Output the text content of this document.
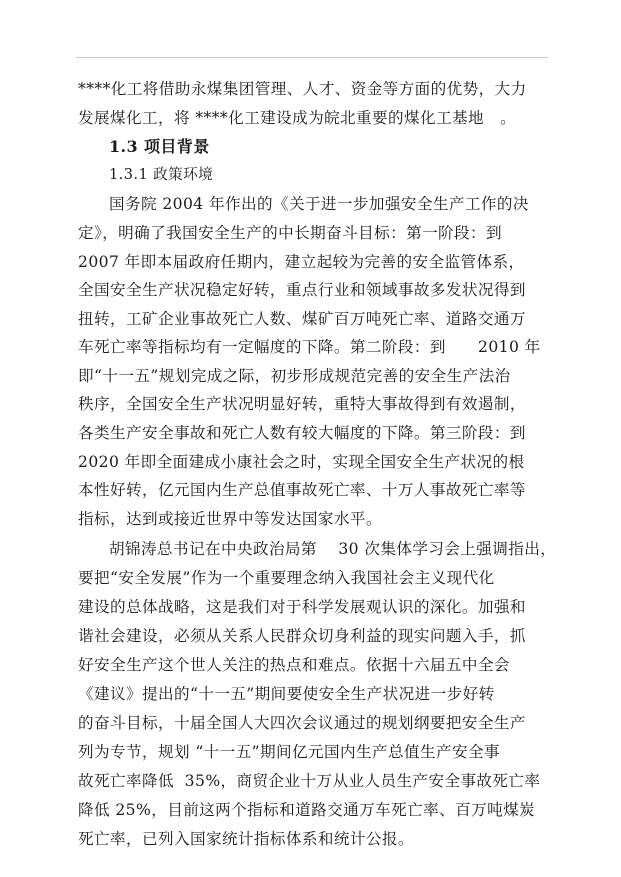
****化工将借助永煤集团管理、人才、资金等方面的优势，大力
发展煤化工，将 ****化工建设成为皖北重要的煤化工基地   。
1.3 项目背景
1.3.1 政策环境
国务院 2004 年作出的《关于进一步加强安全生产工作的决
定》，明确了我国安全生产的中长期奋斗目标：第一阶段：到
2007 年即本届政府任期内，建立起较为完善的安全监管体系，
全国安全生产状况稳定好转，重点行业和领域事故多发状况得到
扭转，工矿企业事故死亡人数、煤矿百万吨死亡率、道路交通万
车死亡率等指标均有一定幅度的下降。第二阶段：到      2010 年
即“十一五”规划完成之际，初步形成规范完善的安全生产法治
秩序，全国安全生产状况明显好转，重特大事故得到有效遏制，
各类生产安全事故和死亡人数有较大幅度的下降。第三阶段：到
2020 年即全面建成小康社会之时，实现全国安全生产状况的根
本性好转，亿元国内生产总值事故死亡率、十万人事故死亡率等
指标，达到或接近世界中等发达国家水平。
胡锦涛总书记在中央政治局第    30 次集体学习会上强调指出，
要把“安全发展”作为一个重要理念纳入我国社会主义现代化
建设的总体战略，这是我们对于科学发展观认识的深化。加强和
谐社会建设，必须从关系人民群众切身利益的现实问题入手，抓
好安全生产这个世人关注的热点和难点。依据十六届五中全会
《建议》提出的“十一五”期间要使安全生产状况进一步好转
的奋斗目标，十届全国人大四次会议通过的规划纲要把安全生产
列为专节，规划 “十一五”期间亿元国内生产总值生产安全事
故死亡率降低  35%，商贸企业十万从业人员生产安全事故死亡率
降低 25%，目前这两个指标和道路交通万车死亡率、百万吨煤炭
死亡率，已列入国家统计指标体系和统计公报。
